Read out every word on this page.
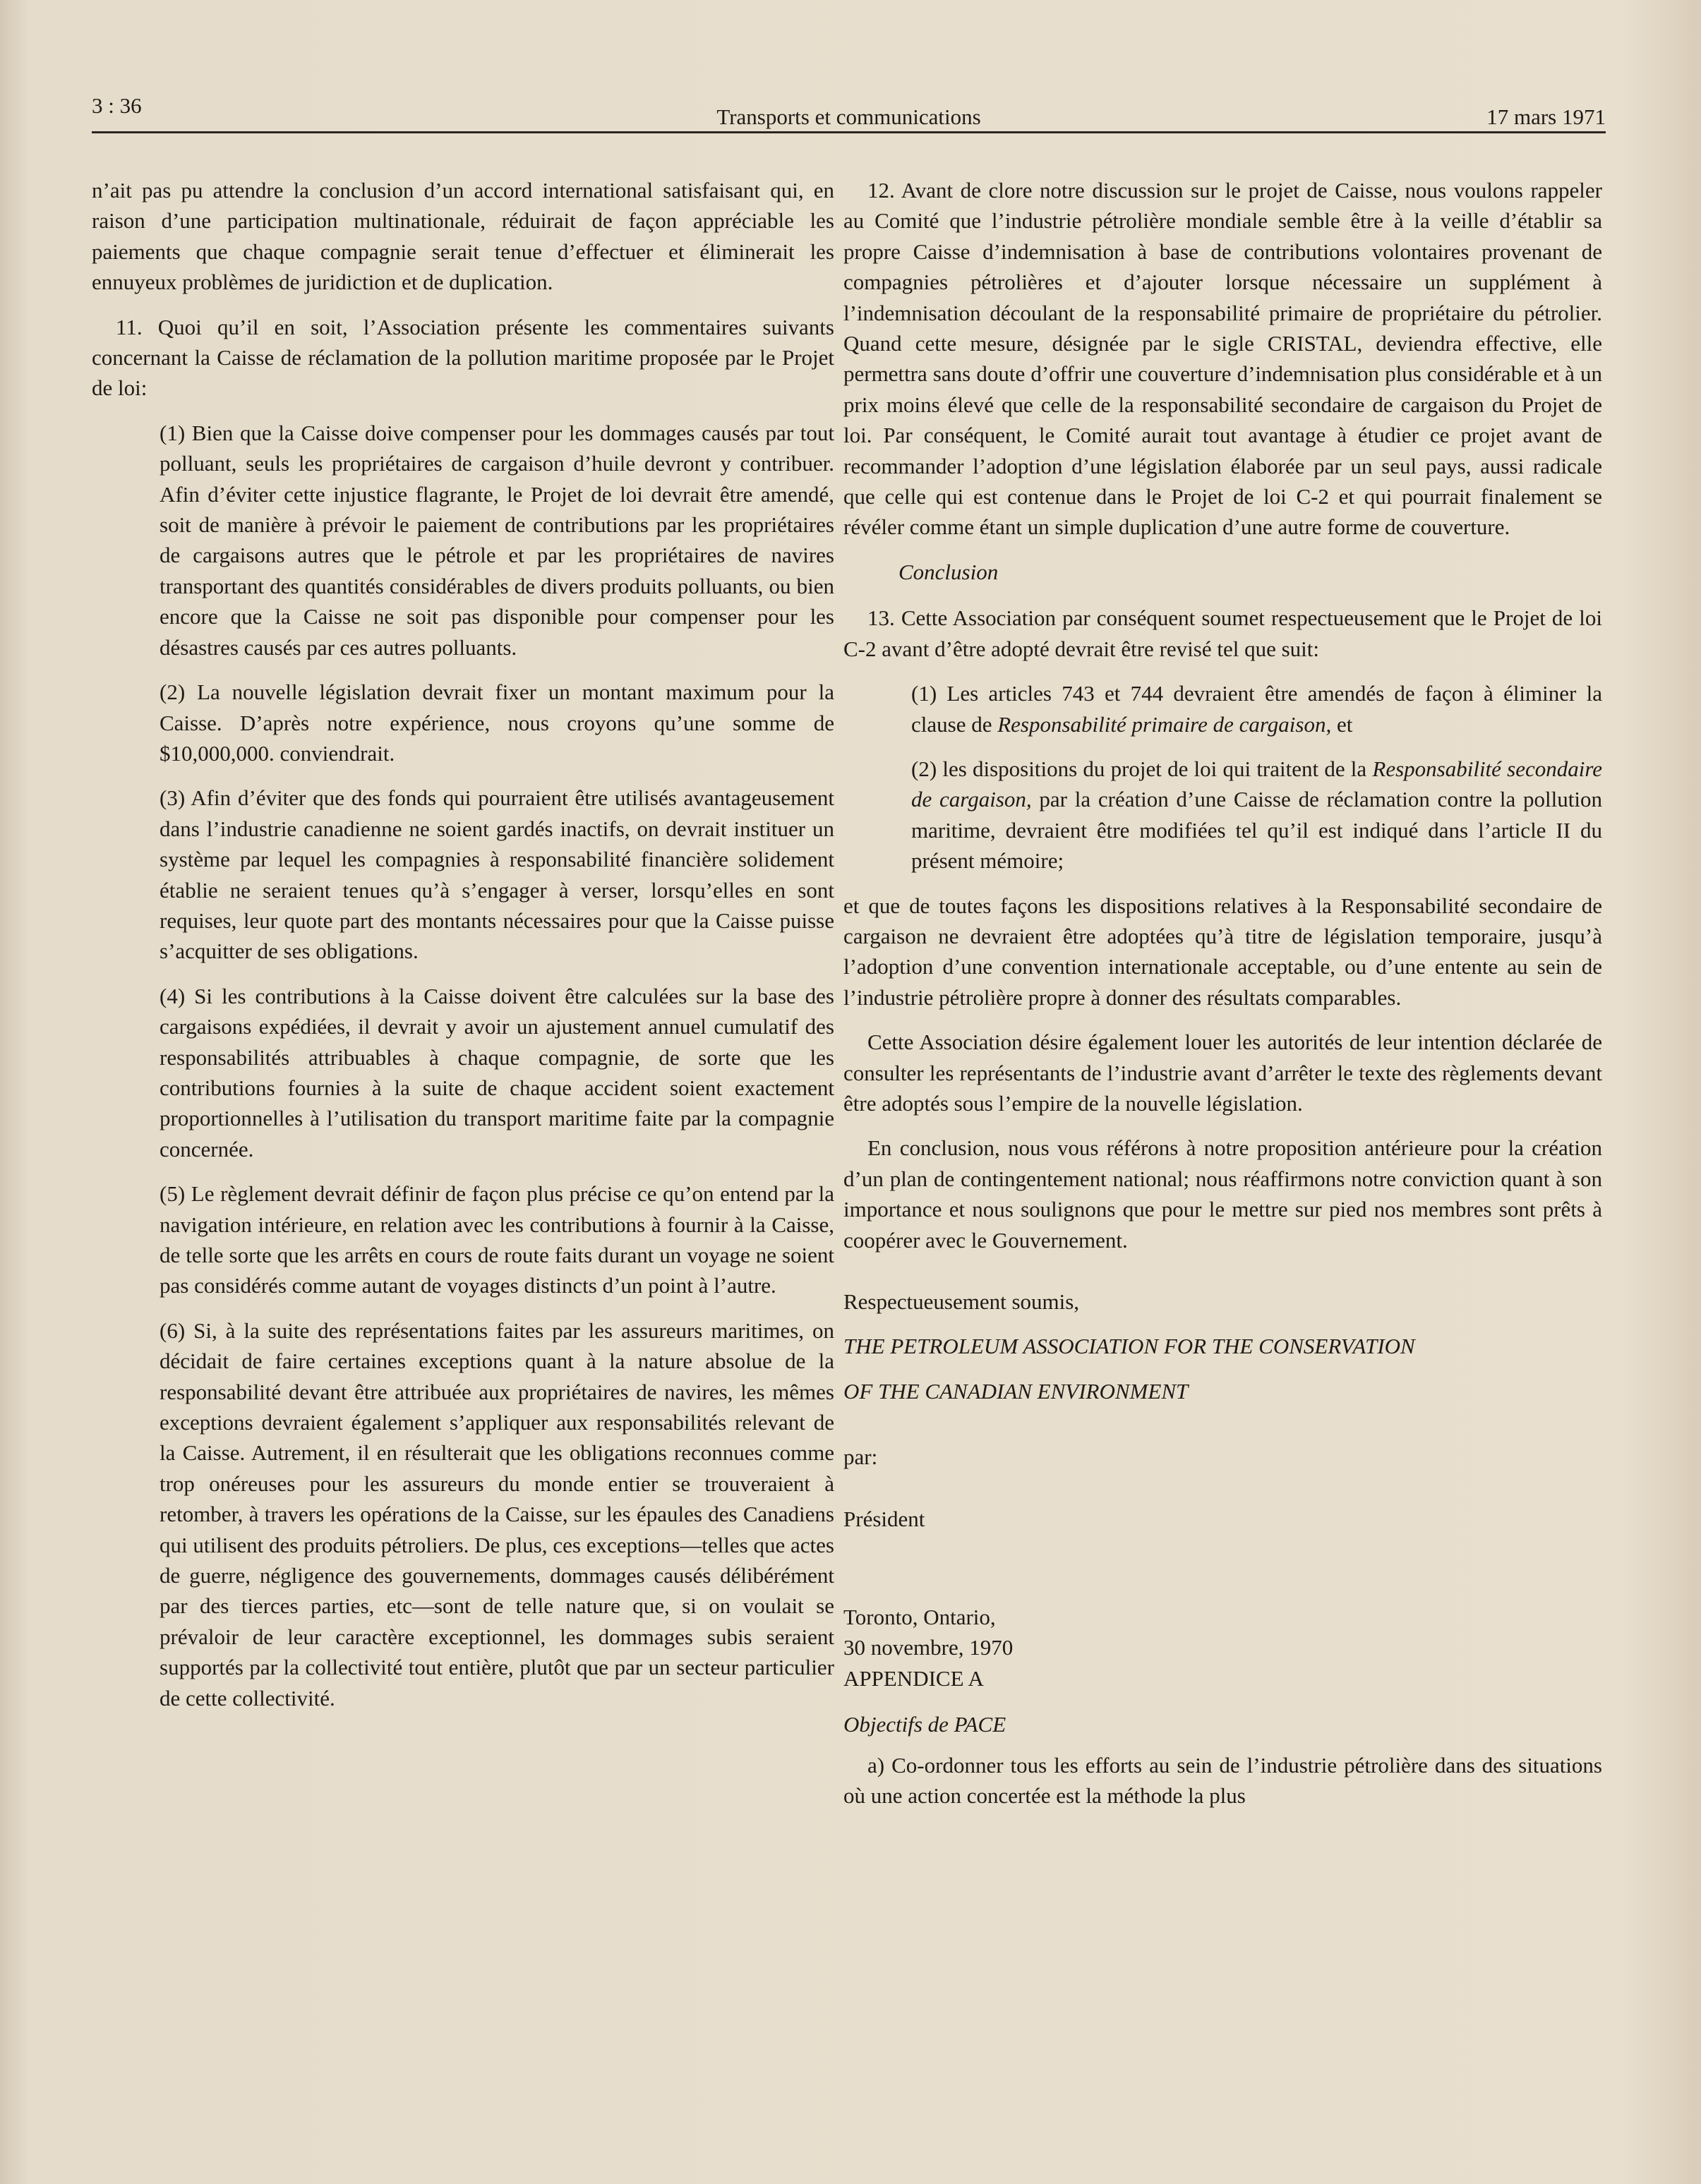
3 : 36	Transports et communications	17 mars 1971

n’ait pas pu attendre la conclusion d’un accord international satisfaisant qui, en raison d’une participation multinationale, réduirait de façon appréciable les paiements que chaque compagnie serait tenue d’effectuer et éliminerait les ennuyeux problèmes de juridiction et de duplication.

11. Quoi qu’il en soit, l’Association présente les commentaires suivants concernant la Caisse de réclamation de la pollution maritime proposée par le Projet de loi:

(1) Bien que la Caisse doive compenser pour les dommages causés par tout polluant, seuls les propriétaires de cargaison d’huile devront y contribuer. Afin d’éviter cette injustice flagrante, le Projet de loi devrait être amendé, soit de manière à prévoir le paiement de contributions par les propriétaires de cargaisons autres que le pétrole et par les propriétaires de navires transportant des quantités considérables de divers produits polluants, ou bien encore que la Caisse ne soit pas disponible pour compenser pour les désastres causés par ces autres polluants.

(2) La nouvelle législation devrait fixer un montant maximum pour la Caisse. D’après notre expérience, nous croyons qu’une somme de $10,000,000. conviendrait.

(3) Afin d’éviter que des fonds qui pourraient être utilisés avantageusement dans l’industrie canadienne ne soient gardés inactifs, on devrait instituer un système par lequel les compagnies à responsabilité financière solidement établie ne seraient tenues qu’à s’engager à verser, lorsqu’elles en sont requises, leur quote part des montants nécessaires pour que la Caisse puisse s’acquitter de ses obligations.

(4) Si les contributions à la Caisse doivent être calculées sur la base des cargaisons expédiées, il devrait y avoir un ajustement annuel cumulatif des responsabilités attribuables à chaque compagnie, de sorte que les contributions fournies à la suite de chaque accident soient exactement proportionnelles à l’utilisation du transport maritime faite par la compagnie concernée.

(5) Le règlement devrait définir de façon plus précise ce qu’on entend par la navigation intérieure, en relation avec les contributions à fournir à la Caisse, de telle sorte que les arrêts en cours de route faits durant un voyage ne soient pas considérés comme autant de voyages distincts d’un point à l’autre.

(6) Si, à la suite des représentations faites par les assureurs maritimes, on décidait de faire certaines exceptions quant à la nature absolue de la responsabilité devant être attribuée aux propriétaires de navires, les mêmes exceptions devraient également s’appliquer aux responsabilités relevant de la Caisse. Autrement, il en résulterait que les obligations reconnues comme trop onéreuses pour les assureurs du monde entier se trouveraient à retomber, à travers les opérations de la Caisse, sur les épaules des Canadiens qui utilisent des produits pétroliers. De plus, ces exceptions—telles que actes de guerre, négligence des gouvernements, dommages causés délibérément par des tierces parties, etc—sont de telle nature que, si on voulait se prévaloir de leur caractère exceptionnel, les dommages subis seraient supportés par la collectivité tout entière, plutôt que par un secteur particulier de cette collectivité.

12. Avant de clore notre discussion sur le projet de Caisse, nous voulons rappeler au Comité que l’industrie pétrolière mondiale semble être à la veille d’établir sa propre Caisse d’indemnisation à base de contributions volontaires provenant de compagnies pétrolières et d’ajouter lorsque nécessaire un supplément à l’indemnisation découlant de la responsabilité primaire de propriétaire du pétrolier. Quand cette mesure, désignée par le sigle CRISTAL, deviendra effective, elle permettra sans doute d’offrir une couverture d’indemnisation plus considérable et à un prix moins élevé que celle de la responsabilité secondaire de cargaison du Projet de loi. Par conséquent, le Comité aurait tout avantage à étudier ce projet avant de recommander l’adoption d’une législation élaborée par un seul pays, aussi radicale que celle qui est contenue dans le Projet de loi C-2 et qui pourrait finalement se révéler comme étant un simple duplication d’une autre forme de couverture.

Conclusion

13. Cette Association par conséquent soumet respectueusement que le Projet de loi C-2 avant d’être adopté devrait être revisé tel que suit:

(1) Les articles 743 et 744 devraient être amendés de façon à éliminer la clause de Responsabilité primaire de cargaison, et

(2) les dispositions du projet de loi qui traitent de la Responsabilité secondaire de cargaison, par la création d’une Caisse de réclamation contre la pollution maritime, devraient être modifiées tel qu’il est indiqué dans l’article II du présent mémoire;

et que de toutes façons les dispositions relatives à la Responsabilité secondaire de cargaison ne devraient être adoptées qu’à titre de législation temporaire, jusqu’à l’adoption d’une convention internationale acceptable, ou d’une entente au sein de l’industrie pétrolière propre à donner des résultats comparables.

Cette Association désire également louer les autorités de leur intention déclarée de consulter les représentants de l’industrie avant d’arrêter le texte des règlements devant être adoptés sous l’empire de la nouvelle législation.

En conclusion, nous vous référons à notre proposition antérieure pour la création d’un plan de contingentement national; nous réaffirmons notre conviction quant à son importance et nous soulignons que pour le mettre sur pied nos membres sont prêts à coopérer avec le Gouvernement.

Respectueusement soumis,

THE PETROLEUM ASSOCIATION FOR THE CONSERVATION

OF THE CANADIAN ENVIRONMENT

par:

Président

Toronto, Ontario,

30 novembre, 1970

APPENDICE A

Objectifs de PACE

a) Co-ordonner tous les efforts au sein de l’industrie pétrolière dans des situations où une action concertée est la méthode la plus
